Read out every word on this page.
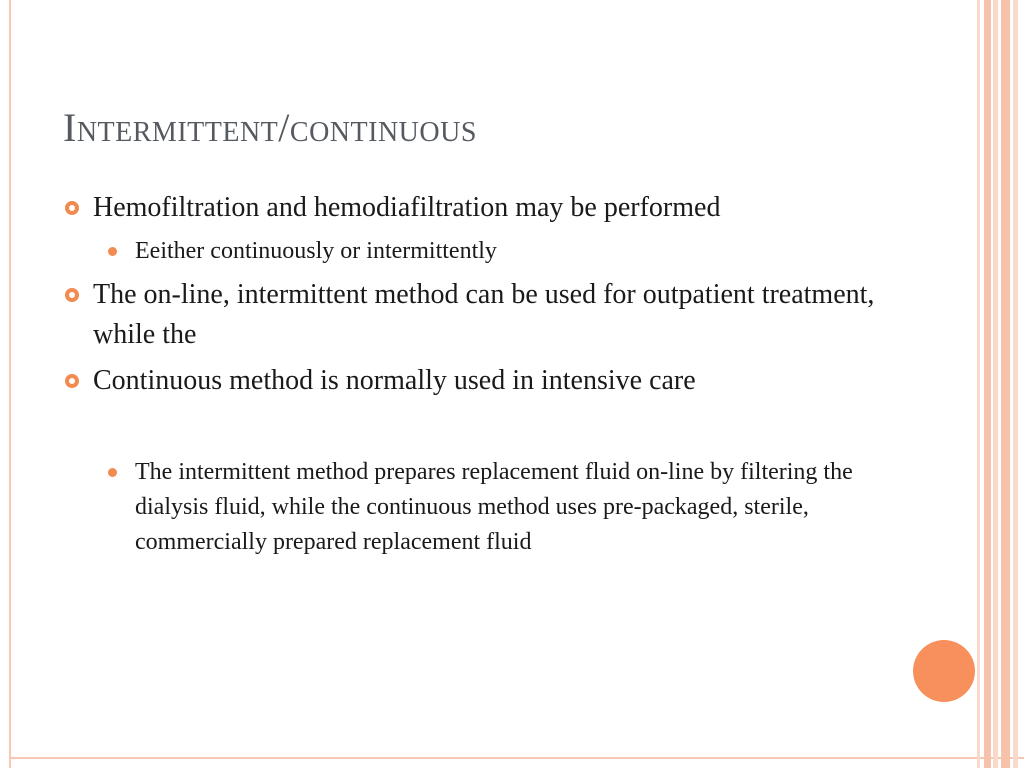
Intermittent/continuous
Hemofiltration and hemodiafiltration may be performed
Eeither continuously or intermittently
The on-line, intermittent method can be used for outpatient treatment, while the
Continuous method is normally used in intensive care
The intermittent method prepares replacement fluid on-line by filtering the dialysis fluid, while the continuous method uses pre-packaged, sterile, commercially prepared replacement fluid
